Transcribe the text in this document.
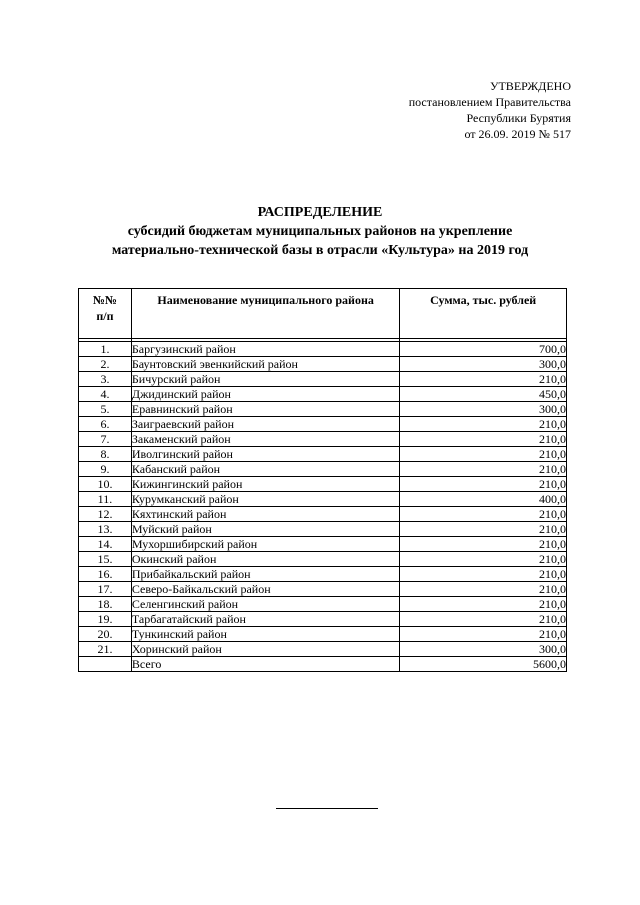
УТВЕРЖДЕНО
постановлением Правительства
Республики Бурятия
от 26.09. 2019 № 517
РАСПРЕДЕЛЕНИЕ
субсидий бюджетам муниципальных районов на укрепление
материально-технической базы в отрасли «Культура» на 2019 год
№№
п/п	Наименование муниципального района	Сумма, тыс. рублей

1.	Баргузинский район	700,0
2.	Баунтовский эвенкийский район	300,0
3.	Бичурский район	210,0
4.	Джидинский район	450,0
5.	Еравнинский район	300,0
6.	Заиграевский район	210,0
7.	Закаменский район	210,0
8.	Иволгинский район	210,0
9.	Кабанский район	210,0
10.	Кижингинский район	210,0
11.	Курумканский район	400,0
12.	Кяхтинский район	210,0
13.	Муйский район	210,0
14.	Мухоршибирский район	210,0
15.	Окинский район	210,0
16.	Прибайкальский район	210,0
17.	Северо-Байкальский район	210,0
18.	Селенгинский район	210,0
19.	Тарбагатайский район	210,0
20.	Тункинский район	210,0
21.	Хоринский район	300,0
	Всего	5600,0
